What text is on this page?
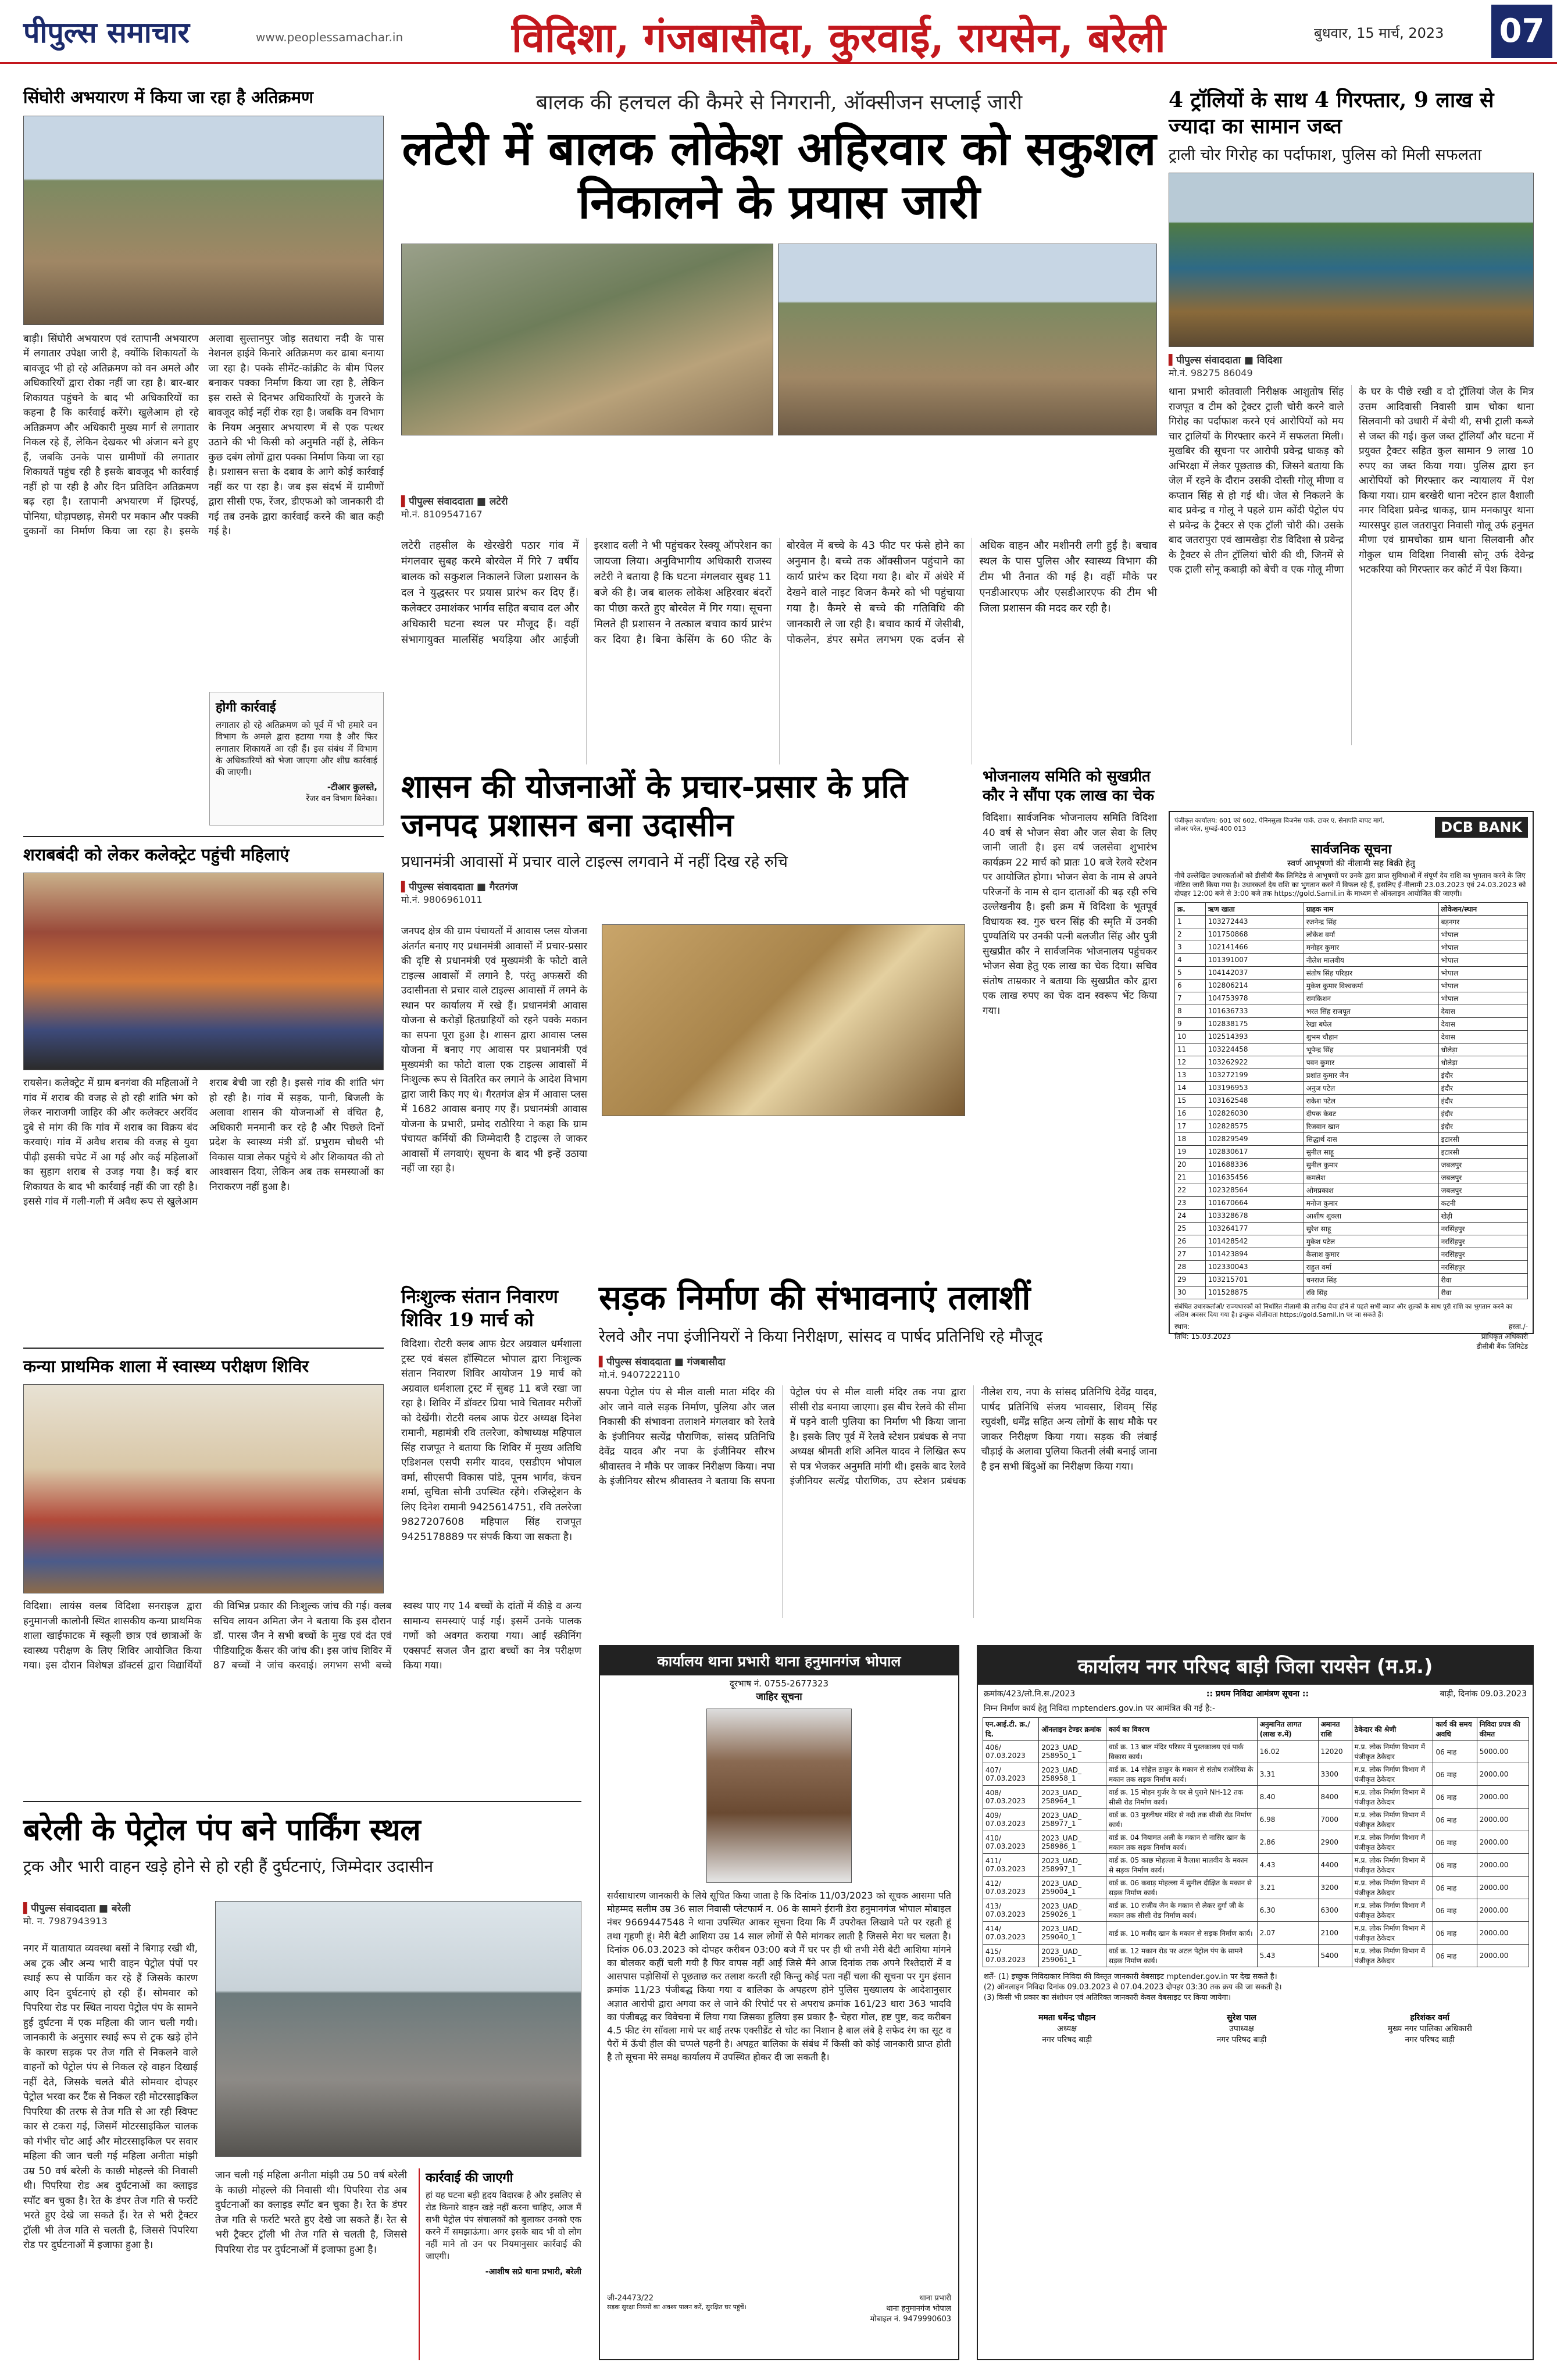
पीपुल्स समाचार	www.peoplessamachar.in	विदिशा, गंजबासौदा, कुरवाई, रायसेन, बरेली	बुधवार, 15 मार्च, 2023 07
सिंघोरी अभयारण में किया जा रहा है अतिक्रमण
बाड़ी। सिंघोरी अभयारण एवं रतापानी अभयारण में लगातार उपेक्षा जारी है, क्योंकि शिकायतों के बावजूद भी हो रहे अतिक्रमण को वन अमले और अधिकारियों द्वारा रोका नहीं जा रहा है। बार-बार शिकायत पहुंचने के बाद भी अधिकारियों का कहना है कि कार्रवाई करेंगे। खुलेआम हो रहे अतिक्रमण और अधिकारी मुख्य मार्ग से लगातार निकल रहे हैं, लेकिन देखकर भी अंजान बने हुए हैं, जबकि उनके पास ग्रामीणों की लगातार शिकायतें पहुंच रही है इसके बावजूद भी कार्रवाई नहीं हो पा रही है और दिन प्रतिदिन अतिक्रमण बढ़ रहा है। रतापानी अभयारण में झिरपई, पोनिया, घोड़ापछाड़, सेमरी पर मकान और पक्की दुकानों का निर्माण किया जा रहा है। इसके अलावा सुल्तानपुर जोड़ सतधारा नदी के पास नेशनल हाईवे किनारे अतिक्रमण कर ढाबा बनाया जा रहा है। पक्के सीमेंट-कांक्रीट के बीम पिलर बनाकर पक्का निर्माण किया जा रहा है, लेकिन इस रास्ते से दिनभर अधिकारियों के गुजरने के बावजूद कोई नहीं रोक रहा है। जबकि वन विभाग के नियम अनुसार अभयारण में से एक पत्थर उठाने की भी किसी को अनुमति नहीं है, लेकिन कुछ दबंग लोगों द्वारा पक्का निर्माण किया जा रहा है। प्रशासन सत्ता के दबाव के आगे कोई कार्रवाई नहीं कर पा रहा है। जब इस संदर्भ में ग्रामीणों द्वारा सीसी एफ, रेंजर, डीएफओ को जानकारी दी गई तब उनके द्वारा कार्रवाई करने की बात कही गई है।
होगी कार्रवाई
लगातार हो रहे अतिक्रमण को पूर्व में भी हमारे वन विभाग के अमले द्वारा हटाया गया है और फिर लगातार शिकायतें आ रही हैं। इस संबंध में विभाग के अधिकारियों को भेजा जाएगा और शीघ्र कार्रवाई की जाएगी।
-टीआर कुलस्ते,
रेंजर वन विभाग बिनेका।
बालक की हलचल की कैमरे से निगरानी, ऑक्सीजन सप्लाई जारी
लटेरी में बालक लोकेश अहिरवार को सकुशल निकालने के प्रयास जारी
▌पीपुल्स संवाददाता ■ लटेरी
मो.नं. 8109547167
लटेरी तहसील के खेरखेरी पठार गांव में मंगलवार सुबह करमे बोरवेल में गिरे 7 वर्षीय बालक को सकुशल निकालने जिला प्रशासन के दल ने युद्धस्तर पर प्रयास प्रारंभ कर दिए हैं। कलेक्टर उमाशंकर भार्गव सहित बचाव दल और अधिकारी घटना स्थल पर मौजूद हैं। वहीं संभागायुक्त मालसिंह भयड़िया और आईजी इरशाद वली ने भी पहुंचकर रेस्क्यू ऑपरेशन का जायजा लिया। अनुविभागीय अधिकारी राजस्व लटेरी ने बताया है कि घटना मंगलवार सुबह 11 बजे की है। जब बालक लोकेश अहिरवार बंदरों का पीछा करते हुए बोरवेल में गिर गया। सूचना मिलते ही प्रशासन ने तत्काल बचाव कार्य प्रारंभ कर दिया है। बिना केसिंग के 60 फीट के बोरवेल में बच्चे के 43 फीट पर फंसे होने का अनुमान है। बच्चे तक ऑक्सीजन पहुंचाने का कार्य प्रारंभ कर दिया गया है। बोर में अंधेरे में देखने वाले नाइट विजन कैमरे को भी पहुंचाया गया है। कैमरे से बच्चे की गतिविधि की जानकारी ले जा रही है। बचाव कार्य में जेसीबी, पोकलेन, डंपर समेत लगभग एक दर्जन से अधिक वाहन और मशीनरी लगी हुई है। बचाव स्थल के पास पुलिस और स्वास्थ्य विभाग की टीम भी तैनात की गई है। वहीं मौके पर एनडीआरएफ और एसडीआरएफ की टीम भी जिला प्रशासन की मदद कर रही है।
4 ट्रॉलियों के साथ 4 गिरफ्तार, 9 लाख से ज्यादा का सामान जब्त
ट्राली चोर गिरोह का पर्दाफाश, पुलिस को मिली सफलता
▌पीपुल्स संवाददाता ■ विदिशा
मो.नं. 98275 86049
थाना प्रभारी कोतवाली निरीक्षक आशुतोष सिंह राजपूत व टीम को ट्रेक्टर ट्राली चोरी करने वाले गिरोह का पर्दाफाश करने एवं आरोपियों को मय चार ट्रालियों के गिरफ्तार करने में सफलता मिली। मुखबिर की सूचना पर आरोपी प्रवेन्द्र धाकड़ को अभिरक्षा में लेकर पूछताछ की, जिसने बताया कि जेल में रहने के दौरान उसकी दोस्ती गोलू मीणा व कप्तान सिंह से हो गई थी। जेल से निकलने के बाद प्रवेन्द्र व गोलू ने पहले ग्राम कोंदी पेट्रोल पंप से प्रवेन्द्र के ट्रैक्टर से एक ट्रॉली चोरी की। उसके बाद जतरापुरा एवं खामखेड़ा रोड विदिशा से प्रवेन्द्र के ट्रैक्टर से तीन ट्रॉलियां चोरी की थी, जिनमें से एक ट्राली सोनू कबाड़ी को बेची व एक गोलू मीणा के घर के पीछे रखी व दो ट्रॉलियां जेल के मित्र उत्तम आदिवासी निवासी ग्राम चोका थाना सिलवानी को उधारी में बेची थी, सभी ट्राली कब्जे से जब्त की गई। कुल जब्त ट्रॉलियाँ और घटना में प्रयुक्त ट्रैक्टर सहित कुल सामान 9 लाख 10 रुपए का जब्त किया गया। पुलिस द्वारा इन आरोपियों को गिरफ्तार कर न्यायालय में पेश किया गया। ग्राम बरखेरी थाना नटेरन हाल वैशाली नगर विदिशा प्रवेन्द्र धाकड़, ग्राम मनकापुर थाना ग्यारसपुर हाल जतरापुरा निवासी गोलू उर्फ हनुमत मीणा एवं ग्रामचोका ग्राम थाना सिलवानी और गोकुल धाम विदिशा निवासी सोनू उर्फ देवेन्द्र भटकरिया को गिरफ्तार कर कोर्ट में पेश किया।
शराबबंदी को लेकर कलेक्ट्रेट पहुंची महिलाएं
रायसेन। कलेक्ट्रेट में ग्राम बनगंवा की महिलाओं ने गांव में शराब की वजह से हो रही शांति भंग को लेकर नाराजगी जाहिर की और कलेक्टर अरविंद दुबे से मांग की कि गांव में शराब का विक्रय बंद करवाएं। गांव में अवैध शराब की वजह से युवा पीढ़ी इसकी चपेट में आ गई और कई महिलाओं का सुहाग शराब से उजड़ गया है। कई बार शिकायत के बाद भी कार्रवाई नहीं की जा रही है। इससे गांव में गली-गली में अवैध रूप से खुलेआम शराब बेची जा रही है। इससे गांव की शांति भंग हो रही है। गांव में सड़क, पानी, बिजली के अलावा शासन की योजनाओं से वंचित है, अधिकारी मनमानी कर रहे है और पिछले दिनों प्रदेश के स्वास्थ्य मंत्री डॉ. प्रभुराम चौधरी भी विकास यात्रा लेकर पहुंचे थे और शिकायत की तो आश्वासन दिया, लेकिन अब तक समस्याओं का निराकरण नहीं हुआ है।
शासन की योजनाओं के प्रचार-प्रसार के प्रति जनपद प्रशासन बना उदासीन
प्रधानमंत्री आवासों में प्रचार वाले टाइल्स लगवाने में नहीं दिख रहे रुचि
▌पीपुल्स संवाददाता ■ गैरतगंज
मो.नं. 9806961011
जनपद क्षेत्र की ग्राम पंचायतों में आवास प्लस योजना अंतर्गत बनाए गए प्रधानमंत्री आवासों में प्रचार-प्रसार की दृष्टि से प्रधानमंत्री एवं मुख्यमंत्री के फोटो वाले टाइल्स आवासों में लगाने है, परंतु अफसरों की उदासीनता से प्रचार वाले टाइल्स आवासों में लगने के स्थान पर कार्यालय में रखे हैं। प्रधानमंत्री आवास योजना से करोड़ों हितग्राहियों को रहने पक्के मकान का सपना पूरा हुआ है। शासन द्वारा आवास प्लस योजना में बनाए गए आवास पर प्रधानमंत्री एवं मुख्यमंत्री का फोटो वाला एक टाइल्स आवासों में निःशुल्क रूप से वितरित कर लगाने के आदेश विभाग द्वारा जारी किए गए थे। गैरतगंज क्षेत्र में आवास प्लस में 1682 आवास बनाए गए हैं। प्रधानमंत्री आवास योजना के प्रभारी, प्रमोद राठौरिया ने कहा कि ग्राम पंचायत कर्मियों की जिम्मेदारी है टाइल्स ले जाकर आवासों में लगवाएं। सूचना के बाद भी इन्हें उठाया नहीं जा रहा है।
भोजनालय समिति को सुखप्रीत कौर ने सौंपा एक लाख का चेक
विदिशा। सार्वजनिक भोजनालय समिति विदिशा 40 वर्ष से भोजन सेवा और जल सेवा के लिए जानी जाती है। इस वर्ष जलसेवा शुभारंभ कार्यक्रम 22 मार्च को प्रातः 10 बजे रेलवे स्टेशन पर आयोजित होगा। भोजन सेवा के नाम से अपने परिजनों के नाम से दान दाताओं की बढ़ रही रुचि उल्लेखनीय है। इसी क्रम में विदिशा के भूतपूर्व विधायक स्व. गुरु चरन सिंह की स्मृति में उनकी पुण्यतिथि पर उनकी पत्नी बलजीत सिंह और पुत्री सुखप्रीत कौर ने सार्वजनिक भोजनालय पहुंचकर भोजन सेवा हेतु एक लाख का चेक दिया। सचिव संतोष ताम्रकार ने बताया कि सुखप्रीत कौर द्वारा एक लाख रुपए का चेक दान स्वरूप भेंट किया गया।
पंजीकृत कार्यालय: 601 एवं 602, पेनिनसुला बिजनेस पार्क, टावर ए, सेनापति बापट मार्ग, लोअर परेल, मुम्बई-400 013	DCB BANK
सार्वजनिक सूचना
स्वर्ण आभूषणों की नीलामी सह बिक्री हेतु
नीचे उल्लेखित उधारकर्ताओं को डीसीबी बैंक लिमिटेड से आभूषणों पर उनके द्वारा प्राप्त सुविधाओं में संपूर्ण देय राशि का भुगतान करने के लिए नोटिस जारी किया गया है। उधारकर्ता देय राशि का भुगतान करने में विफल रहे हैं, इसलिए ई-नीलामी 23.03.2023 एवं 24.03.2023 को दोपहर 12:00 बजे से 3:00 बजे तक https://gold.Samil.in के माध्यम से ऑनलाइन आयोजित की जाएगी।
क्र.	ऋण खाता	ग्राहक नाम	लोकेशन/स्थान
1	103272443	रजनेन्द्र सिंह	बड़नगर
2	101750868	लोकेश वर्मा	भोपाल
3	102141466	मनोहर कुमार	भोपाल
4	101391007	नीलेश मालवीय	भोपाल
5	104142037	संतोष सिंह परिहार	भोपाल
6	102806214	मुकेश कुमार विश्वकर्मा	भोपाल
7	104753978	रामकिशन	भोपाल
8	101636733	भरत सिंह राजपूत	देवास
9	102838175	रेखा बघेल	देवास
10	102514393	शुभम चौहान	देवास
11	103224458	भूपेन्द्र सिंह	धोलेड़ा
12	103262922	पवन कुमार	धोलेड़ा
13	103272199	प्रशांत कुमार जैन	इंदौर
14	103196953	अनुज पटेल	इंदौर
15	103162548	राकेश पटेल	इंदौर
16	102826030	दीपक केवट	इंदौर
17	102828575	रिजवान खान	इंदौर
18	102829549	सिद्धार्थ दास	इटारसी
19	102830617	सुनील साहू	इटारसी
20	101688336	सुनील कुमार	जबलपुर
21	101635456	कमलेश	जबलपुर
22	102328564	ओमप्रकाश	जबलपुर
23	101670664	मनोज कुमार	कटनी
24	103328678	आशीष शुक्ला	खेड़ी
25	103264177	सुरेश साहू	नरसिंहपुर
26	101428542	मुकेश पटेल	नरसिंहपुर
27	101423894	कैलाश कुमार	नरसिंहपुर
28	102330043	राहुल वर्मा	नरसिंहपुर
29	103215701	धनराज सिंह	रीवा
30	101528875	रवि सिंह	रीवा
संबंधित उधारकर्ताओं/ राज्यधारकों को निर्धारित नीलामी की तारीख बेचा होने से पहले सभी ब्याज और शुल्कों के साथ पूरी राशि का भुगतान करने का अंतिम अवसर दिया गया है। इच्छुक बोलीदाता https://gold.Samil.in पर जा सकते हैं।
स्थान:
तिथि: 15.03.2023
हस्ता./-
प्राधिकृत अधिकारी
डीसीबी बैंक लिमिटेड
कन्या प्राथमिक शाला में स्वास्थ्य परीक्षण शिविर
विदिशा। लायंस क्लब विदिशा सनराइज द्वारा हनुमानजी कालोनी स्थित शासकीय कन्या प्राथमिक शाला खाईफाटक में स्कूली छात्र एवं छात्राओं के स्वास्थ्य परीक्षण के लिए शिविर आयोजित किया गया। इस दौरान विशेषज्ञ डॉक्टर्स द्वारा विद्यार्थियों की विभिन्न प्रकार की निःशुल्क जांच की गई। क्लब सचिव लायन अमिता जैन ने बताया कि इस दौरान डॉ. पारस जैन ने सभी बच्चों के मुख एवं दंत एवं पीडियाट्रिक कैंसर की जांच की। इस जांच शिविर में 87 बच्चों ने जांच करवाई। लगभग सभी बच्चे स्वस्थ पाए गए 14 बच्चों के दांतों में कीड़े व अन्य सामान्य समस्याएं पाई गईं। इसमें उनके पालक गणों को अवगत कराया गया। आई स्क्रीनिंग एक्सपर्ट सजल जैन द्वारा बच्चों का नेत्र परीक्षण किया गया।
निःशुल्क संतान निवारण शिविर 19 मार्च को
विदिशा। रोटरी क्लब आफ ग्रेटर अग्रवाल धर्मशाला ट्रस्ट एवं बंसल हॉस्पिटल भोपाल द्वारा निःशुल्क संतान निवारण शिविर आयोजन 19 मार्च को अग्रवाल धर्मशाला ट्रस्ट में सुबह 11 बजे रखा जा रहा है। शिविर में डॉक्टर प्रिया भावे चितावर मरीजों को देखेंगी। रोटरी क्लब आफ ग्रेटर अध्यक्ष दिनेश रामानी, महामंत्री रवि तलरेजा, कोषाध्यक्ष महिपाल सिंह राजपूत ने बताया कि शिविर में मुख्य अतिथि एडिशनल एसपी समीर यादव, एसडीएम भोपाल वर्मा, सीएसपी विकास पांडे, पूनम भार्गव, कंचन शर्मा, सुचिता सोनी उपस्थित रहेंगे। रजिस्ट्रेशन के लिए दिनेश रामानी 9425614751, रवि तलरेजा 9827207608 महिपाल सिंह राजपूत 9425178889 पर संपर्क किया जा सकता है।
सड़क निर्माण की संभावनाएं तलाशीं
रेलवे और नपा इंजीनियरों ने किया निरीक्षण, सांसद व पार्षद प्रतिनिधि रहे मौजूद
▌पीपुल्स संवाददाता ■ गंजबासौदा
मो.नं. 9407222110
सपना पेट्रोल पंप से मील वाली माता मंदिर की ओर जाने वाले सड़क निर्माण, पुलिया और जल निकासी की संभावना तलाशने मंगलवार को रेलवे के इंजीनियर सत्येंद्र पौराणिक, सांसद प्रतिनिधि देवेंद्र यादव और नपा के इंजीनियर सौरभ श्रीवास्तव ने मौके पर जाकर निरीक्षण किया। नपा के इंजीनियर सौरभ श्रीवास्तव ने बताया कि सपना पेट्रोल पंप से मील वाली मंदिर तक नपा द्वारा सीसी रोड बनाया जाएगा। इस बीच रेलवे की सीमा में पड़ने वाली पुलिया का निर्माण भी किया जाना है। इसके लिए पूर्व में रेलवे स्टेशन प्रबंधक से नपा अध्यक्ष श्रीमती शशि अनिल यादव ने लिखित रूप से पत्र भेजकर अनुमति मांगी थी। इसके बाद रेलवे इंजीनियर सत्येंद्र पौराणिक, उप स्टेशन प्रबंधक नीलेश राय, नपा के सांसद प्रतिनिधि देवेंद्र यादव, पार्षद प्रतिनिधि संजय भावसार, शिवम् सिंह रघुवंशी, धर्मेंद्र सहित अन्य लोगों के साथ मौके पर जाकर निरीक्षण किया गया। सड़क की लंबाई चौड़ाई के अलावा पुलिया कितनी लंबी बनाई जाना है इन सभी बिंदुओं का निरीक्षण किया गया।
बरेली के पेट्रोल पंप बने पार्किंग स्थल
ट्रक और भारी वाहन खड़े होने से हो रही हैं दुर्घटनाएं, जिम्मेदार उदासीन
▌पीपुल्स संवाददाता ■ बरेली
मो. न. 7987943913
नगर में यातायात व्यवस्था बसों ने बिगाड़ रखी थी, अब ट्रक और अन्य भारी वाहन पेट्रोल पंपों पर स्थाई रूप से पार्किंग कर रहे हैं जिसके कारण आए दिन दुर्घटनाएं हो रही हैं। सोमवार को पिपरिया रोड पर स्थित नायरा पेट्रोल पंप के सामने हुई दुर्घटना में एक महिला की जान चली गयी। जानकारी के अनुसार स्थाई रूप से ट्रक खड़े होने के कारण सड़क पर तेज गति से निकलने वाले वाहनों को पेट्रोल पंप से निकल रहे वाहन दिखाई नहीं देते, जिसके चलते बीते सोमवार दोपहर पेट्रोल भरवा कर टैंक से निकल रही मोटरसाइकिल पिपरिया की तरफ से तेज गति से आ रही स्विफ्ट कार से टकरा गई, जिसमें मोटरसाइकिल चालक को गंभीर चोट आई और मोटरसाइकिल पर सवार महिला की जान चली गई महिला अनीता मांझी उम्र 50 वर्ष बरेली के काछी मोहल्ले की निवासी थी। पिपरिया रोड अब दुर्घटनाओं का क्लाइड स्पॉट बन चुका है। रेत के डंपर तेज गति से फर्राटे भरते हुए देखे जा सकते हैं। रेत से भरी ट्रैक्टर ट्रॉली भी तेज गति से चलती है, जिससे पिपरिया रोड पर दुर्घटनाओं में इजाफा हुआ है।
जान चली गई महिला अनीता मांझी उम्र 50 वर्ष बरेली के काछी मोहल्ले की निवासी थी। पिपरिया रोड अब दुर्घटनाओं का क्लाइड स्पॉट बन चुका है। रेत के डंपर तेज गति से फर्राटे भरते हुए देखे जा सकते हैं। रेत से भरी ट्रैक्टर ट्रॉली भी तेज गति से चलती है, जिससे पिपरिया रोड पर दुर्घटनाओं में इजाफा हुआ है।
कार्रवाई की जाएगी
हां यह घटना बड़ी हृदय विदारक है और इसलिए से रोड किनारे वाहन खड़े नहीं करना चाहिए, आज मैं सभी पेट्रोल पंप संचालकों को बुलाकर उनको एक करने में समझाऊंगा। अगर इसके बाद भी वो लोग नहीं माने तो उन पर नियमानुसार कार्रवाई की जाएगी।
-आशीष सप्रे थाना प्रभारी, बरेली
कार्यालय थाना प्रभारी थाना हनुमानगंज भोपाल
दूरभाष नं. 0755-2677323
जाहिर सूचना
सर्वसाधारण जानकारी के लिये सूचित किया जाता है कि दिनांक 11/03/2023 को सूचक आसमा पति मोहम्मद सलीम उम्र 36 साल निवासी प्लेटफार्म न. 06 के सामने ईरानी डेरा हनुमानगंज भोपाल मोबाइल नंबर 9669447548 ने थाना उपस्थित आकर सूचना दिया कि मैं उपरोक्त लिखावे पते पर रहती हूं तथा गृहणी हूं। मेरी बेटी आशिया उम्र 14 साल लोगों से पैसे मांगकर लाती है जिससे मेरा घर चलता है। दिनांक 06.03.2023 को दोपहर करीबन 03:00 बजे मैं घर पर ही थी तभी मेरी बेटी आशिया मांगने का बोलकर कहीं चली गयी है फिर वापस नहीं आई जिसे मैंने आज दिनांक तक अपने रिश्तेदारों में व आसपास पड़ोसियों से पूछताछ कर तलाश करती रही किन्तु कोई पता नहीं चला की सूचना पर गुम इंसान क्रमांक 11/23 पंजीबद्ध किया गया व बालिका के अपहरण होने पुलिस मुख्यालय के आदेशानुसार अज्ञात आरोपी द्वारा अगवा कर ले जाने की रिपोर्ट पर से अपराध क्रमांक 161/23 धारा 363 भादवि का पंजीबद्ध कर विवेचना में लिया गया जिसका हुलिया इस प्रकार है- चेहरा गोल, हष्ट पुष्ट, कद करीबन 4.5 फीट रंग सॉवला माथे पर बाईं तरफ एक्सीडेंट से चोट का निशान है बाल लंबे है सफेद रंग का सूट व पैरों में ऊँची हील की चप्पले पहनी है। अपहृत बालिका के संबंध में किसी को कोई जानकारी प्राप्त होती है तो सूचना मेरे समक्ष कार्यालय में उपस्थित होकर दी जा सकती है।
जी-24473/22
सड़क सुरक्षा नियमों का अवश्य पालन करें, सुरक्षित घर पहुंचें।
थाना प्रभारी
थाना हनुमानगंज भोपाल
मोबाइल नं. 9479990603
कार्यालय नगर परिषद बाड़ी जिला रायसेन (म.प्र.)
क्रमांक/423/लो.नि.स./2023	:: प्रथम निविदा आमंत्रण सूचना ::	बाड़ी, दिनांक 09.03.2023
निम्न निर्माण कार्य हेतु निविदा mptenders.gov.in पर आमंत्रित की गई है:-
एन.आई.टी. क्र./दि.	ऑनलाइन टेण्डर क्रमांक	कार्य का विवरण	अनुमानित लागत (लाख रु.में)	अमानत राशि	ठेकेदार की श्रेणी	कार्य की समय अवधि	निविदा प्रपत्र की कीमत
406/ 07.03.2023	2023_UAD_ 258950_1	वार्ड क्र. 13 बाल मंदिर परिसर में पुस्तकालय एवं पार्क विकास कार्य।	16.02	12020	म.प्र. लोक निर्माण विभाग में पंजीकृत ठेकेदार	06 माह	5000.00
407/ 07.03.2023	2023_UAD_ 258958_1	वार्ड क्र. 14 सोहेल ठाकुर के मकान से संतोष राजोरिया के मकान तक सड़क निर्माण कार्य।	3.31	3300	म.प्र. लोक निर्माण विभाग में पंजीकृत ठेकेदार	06 माह	2000.00
408/ 07.03.2023	2023_UAD_ 258964_1	वार्ड क्र. 15 मोहन गुर्जर के घर से पुराने NH-12 तक सीसी रोड निर्माण कार्य।	8.40	8400	म.प्र. लोक निर्माण विभाग में पंजीकृत ठेकेदार	06 माह	2000.00
409/ 07.03.2023	2023_UAD_ 258977_1	वार्ड क्र. 03 मुरलीधर मंदिर से नदी तक सीसी रोड निर्माण कार्य।	6.98	7000	म.प्र. लोक निर्माण विभाग में पंजीकृत ठेकेदार	06 माह	2000.00
410/ 07.03.2023	2023_UAD_ 258986_1	वार्ड क्र. 04 नियामत अली के मकान से नासिर खान के मकान तक सड़क निर्माण कार्य।	2.86	2900	म.प्र. लोक निर्माण विभाग में पंजीकृत ठेकेदार	06 माह	2000.00
411/ 07.03.2023	2023_UAD_ 258997_1	वार्ड क्र. 05 काछ मोहल्ला में कैलाश मालवीय के मकान से सड़क निर्माण कार्य।	4.43	4400	म.प्र. लोक निर्माण विभाग में पंजीकृत ठेकेदार	06 माह	2000.00
412/ 07.03.2023	2023_UAD_ 259004_1	वार्ड क्र. 06 कवाड़ मोहल्ला में सुनील दीक्षित के मकान से सड़क निर्माण कार्य।	3.21	3200	म.प्र. लोक निर्माण विभाग में पंजीकृत ठेकेदार	06 माह	2000.00
413/ 07.03.2023	2023_UAD_ 259026_1	वार्ड क्र. 10 राजीव जैन के मकान से लेकर दुर्गा जी के मकान तक सीसी रोड निर्माण कार्य।	6.30	6300	म.प्र. लोक निर्माण विभाग में पंजीकृत ठेकेदार	06 माह	2000.00
414/ 07.03.2023	2023_UAD_ 259040_1	वार्ड क्र. 10 मजीद खान के मकान से सड़क निर्माण कार्य।	2.07	2100	म.प्र. लोक निर्माण विभाग में पंजीकृत ठेकेदार	06 माह	2000.00
415/ 07.03.2023	2023_UAD_ 259061_1	वार्ड क्र. 12 मकान रोड पर अटल पेट्रोल पंप के सामने सड़क निर्माण कार्य।	5.43	5400	म.प्र. लोक निर्माण विभाग में पंजीकृत ठेकेदार	06 माह	2000.00
शर्तें- (1) इच्छुक निविदाकार निविदा की विस्तृत जानकारी वेबसाइट mptender.gov.in पर देख सकते है।
(2) ऑनलाइन निविदा दिनांक 09.03.2023 से 07.04.2023 दोपहर 03:30 तक क्रय की जा सकती है।
(3) किसी भी प्रकार का संशोधन एवं अतिरिक्त जानकारी केवल वेबसाइट पर किया जायेगा।
ममता धर्मेन्द्र चौहान
अध्यक्ष
नगर परिषद बाड़ी
सुरेश पाल
उपाध्यक्ष
नगर परिषद बाड़ी
हरिशंकर वर्मा
मुख्य नगर पालिका अधिकारी
नगर परिषद बाड़ी
